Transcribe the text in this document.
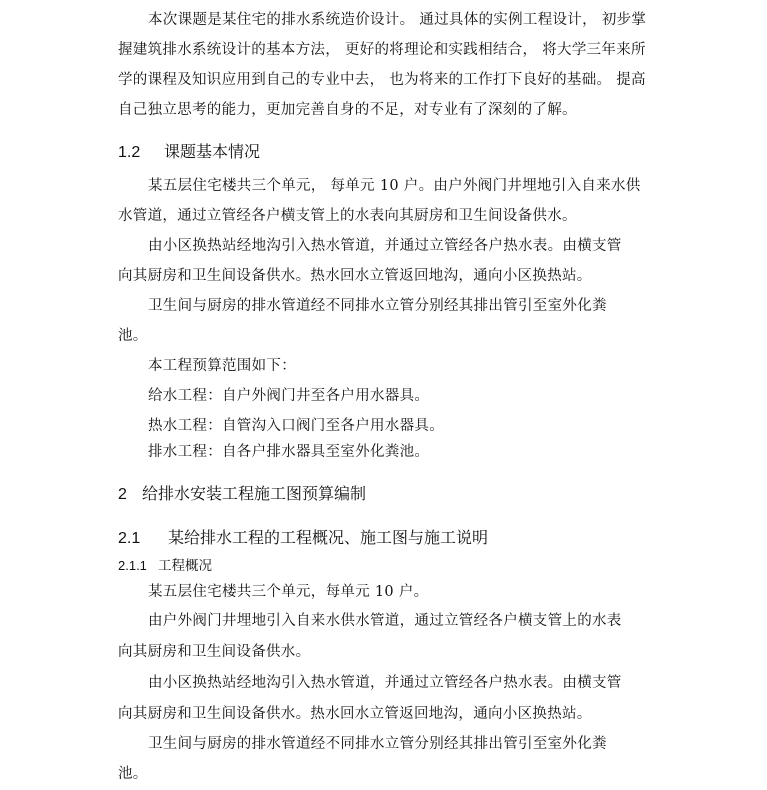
本次课题是某住宅的排水系统造价设计。 通过具体的实例工程设计， 初步掌
握建筑排水系统设计的基本方法， 更好的将理论和实践相结合， 将大学三年来所
学的课程及知识应用到自己的专业中去， 也为将来的工作打下良好的基础。 提高
自己独立思考的能力，更加完善自身的不足，对专业有了深刻的了解。
1.2 课题基本情况
某五层住宅楼共三个单元， 每单元 10 户。由户外阀门井埋地引入自来水供
水管道，通过立管经各户横支管上的水表向其厨房和卫生间设备供水。
由小区换热站经地沟引入热水管道，并通过立管经各户热水表。由横支管
向其厨房和卫生间设备供水。热水回水立管返回地沟，通向小区换热站。
卫生间与厨房的排水管道经不同排水立管分别经其排出管引至室外化粪
池。
本工程预算范围如下：
给水工程：自户外阀门井至各户用水器具。
热水工程：自管沟入口阀门至各户用水器具。
排水工程：自各户排水器具至室外化粪池。
2 给排水安装工程施工图预算编制
2.1 某给排水工程的工程概况、施工图与施工说明
2.1.1 工程概况
某五层住宅楼共三个单元，每单元 10 户。
由户外阀门井埋地引入自来水供水管道，通过立管经各户横支管上的水表
向其厨房和卫生间设备供水。
由小区换热站经地沟引入热水管道，并通过立管经各户热水表。由横支管
向其厨房和卫生间设备供水。热水回水立管返回地沟，通向小区换热站。
卫生间与厨房的排水管道经不同排水立管分别经其排出管引至室外化粪
池。
